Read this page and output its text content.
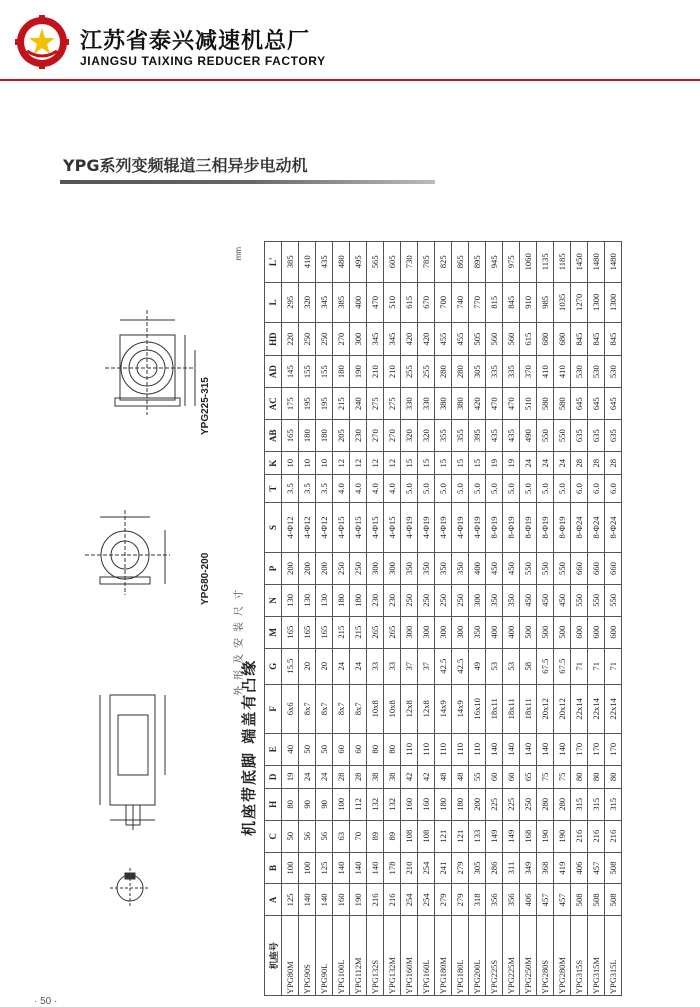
江苏省泰兴减速机总厂
JIANGSU TAIXING REDUCER FACTORY
YPG系列变频辊道三相异步电动机
YPG225-315
YPG80-200
机座带底脚 端盖有凸缘
外形及安装尺寸
mm
机座号	A	B	C	H	D	E	F	G	M	N	P	S	T	K	AB	AC	AD	HD	L	L'
YPG80M	125	100	50	80	19	40	6x6	15.5	165	130	200	4-Φ12	3.5	10	165	175	145	220	295	385
YPG90S	140	100	56	90	24	50	8x7	20	165	130	200	4-Φ12	3.5	10	180	195	155	250	320	410
YPG90L	140	125	56	90	24	50	8x7	20	165	130	200	4-Φ12	3.5	10	180	195	155	250	345	435
YPG100L	160	140	63	100	28	60	8x7	24	215	180	250	4-Φ15	4.0	12	205	215	180	270	385	480
YPG112M	190	140	70	112	28	60	8x7	24	215	180	250	4-Φ15	4.0	12	230	240	190	300	400	495
YPG132S	216	140	89	132	38	80	10x8	33	265	230	300	4-Φ15	4.0	12	270	275	210	345	470	565
YPG132M	216	178	89	132	38	80	10x8	33	265	230	300	4-Φ15	4.0	12	270	275	210	345	510	605
YPG160M	254	210	108	160	42	110	12x8	37	300	250	350	4-Φ19	5.0	15	320	330	255	420	615	730
YPG160L	254	254	108	160	42	110	12x8	37	300	250	350	4-Φ19	5.0	15	320	330	255	420	670	785
YPG180M	279	241	121	180	48	110	14x9	42.5	300	250	350	4-Φ19	5.0	15	355	380	280	455	700	825
YPG180L	279	279	121	180	48	110	14x9	42.5	300	250	350	4-Φ19	5.0	15	355	380	280	455	740	865
YPG200L	318	305	133	200	55	110	16x10	49	350	300	400	4-Φ19	5.0	15	395	420	305	505	770	895
YPG225S	356	286	149	225	60	140	18x11	53	400	350	450	8-Φ19	5.0	19	435	470	335	560	815	945
YPG225M	356	311	149	225	60	140	18x11	53	400	350	450	8-Φ19	5.0	19	435	470	335	560	845	975
YPG250M	406	349	168	250	65	140	18x11	58	500	450	550	8-Φ19	5.0	24	490	510	370	615	910	1060
YPG280S	457	368	190	280	75	140	20x12	67.5	500	450	550	8-Φ19	5.0	24	550	580	410	680	985	1135
YPG280M	457	419	190	280	75	140	20x12	67.5	500	450	550	8-Φ19	5.0	24	550	580	410	680	1035	1185
YPG315S	508	406	216	315	80	170	22x14	71	600	550	660	8-Φ24	6.0	28	635	645	530	845	1270	1450
YPG315M	508	457	216	315	80	170	22x14	71	600	550	660	8-Φ24	6.0	28	635	645	530	845	1300	1480
YPG315L	508	508	216	315	80	170	22x14	71	600	550	660	8-Φ24	6.0	28	635	645	530	845	1300	1480
· 50 ·
